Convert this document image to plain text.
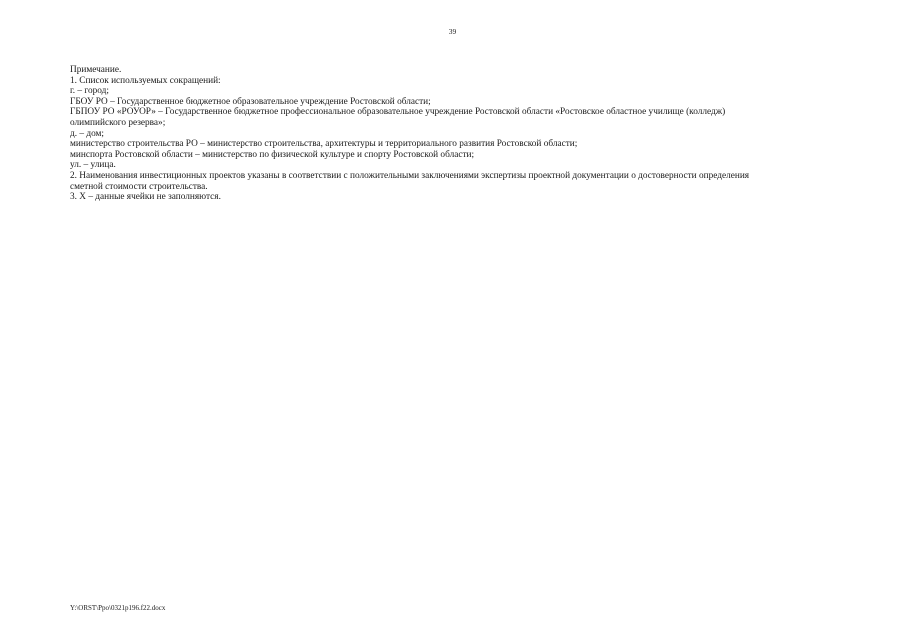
39

Примечание.

1. Список используемых сокращений:

г. – город;

ГБОУ РО – Государственное бюджетное образовательное учреждение Ростовской области;

ГБПОУ РО «РОУОР» – Государственное бюджетное профессиональное образовательное учреждение Ростовской области «Ростовское областное училище (колледж)

олимпийского резерва»;

д. – дом;

министерство строительства РО – министерство строительства, архитектуры и территориального развития Ростовской области;

минспорта Ростовской области – министерство по физической культуре и спорту Ростовской области;

ул. – улица.

2. Наименования инвестиционных проектов указаны в соответствии с положительными заключениями экспертизы проектной документации о достоверности определения

сметной стоимости строительства.

3. Х – данные ячейки не заполняются.

Y:\ORST\Ppo\0321p196.f22.docx
